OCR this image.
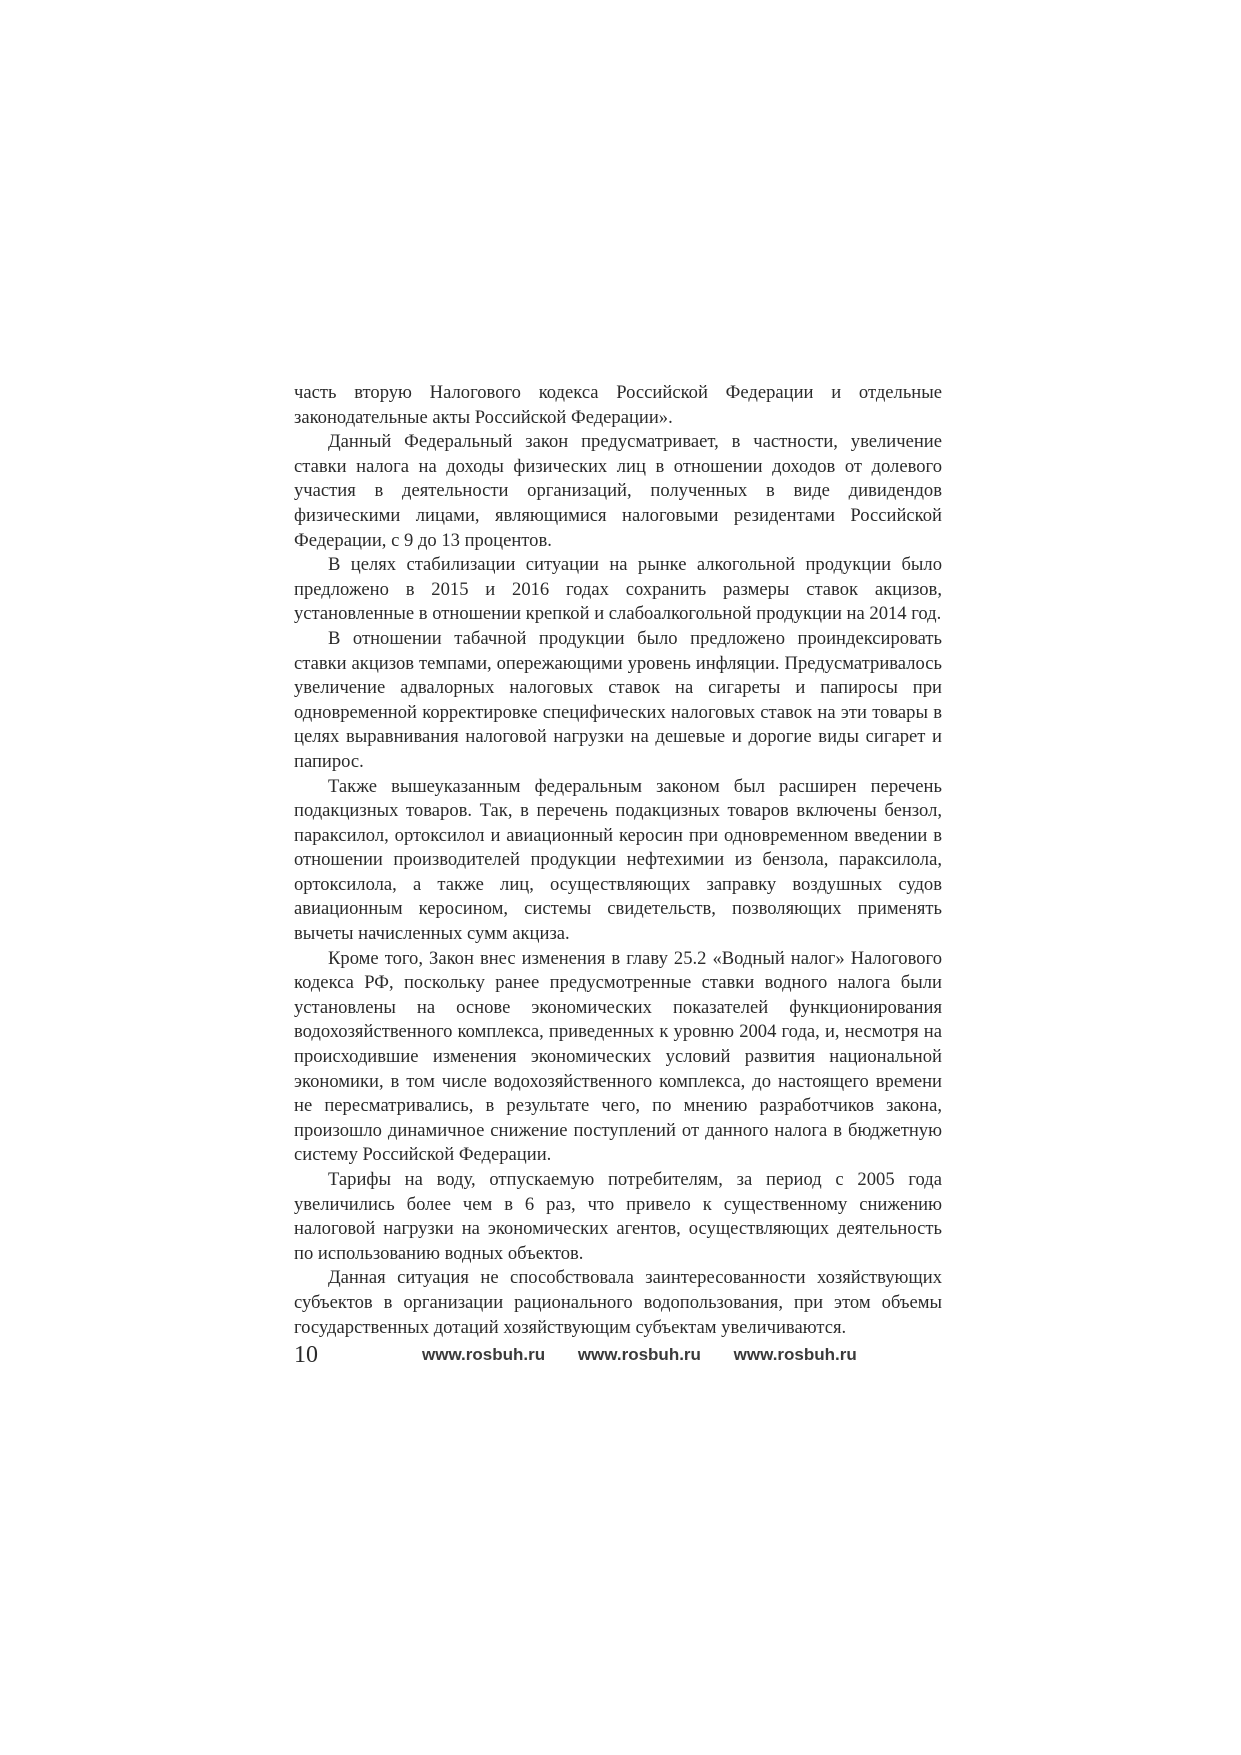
часть вторую Налогового кодекса Российской Федерации и отдельные законодательные акты Российской Федерации».

Данный Федеральный закон предусматривает, в частности, увеличение ставки налога на доходы физических лиц в отношении доходов от долевого участия в деятельности организаций, полученных в виде дивидендов физическими лицами, являющимися налоговыми резидентами Российской Федерации, с 9 до 13 процентов.

В целях стабилизации ситуации на рынке алкогольной продукции было предложено в 2015 и 2016 годах сохранить размеры ставок акцизов, установленные в отношении крепкой и слабоалкогольной продукции на 2014 год.

В отношении табачной продукции было предложено проиндексировать ставки акцизов темпами, опережающими уровень инфляции. Предусматривалось увеличение адвалорных налоговых ставок на сигареты и папиросы при одновременной корректировке специфических налоговых ставок на эти товары в целях выравнивания налоговой нагрузки на дешевые и дорогие виды сигарет и папирос.

Также вышеуказанным федеральным законом был расширен перечень подакцизных товаров. Так, в перечень подакцизных товаров включены бензол, параксилол, ортоксилол и авиационный керосин при одновременном введении в отношении производителей продукции нефтехимии из бензола, параксилола, ортоксилола, а также лиц, осуществляющих заправку воздушных судов авиационным керосином, системы свидетельств, позволяющих применять вычеты начисленных сумм акциза.

Кроме того, Закон внес изменения в главу 25.2 «Водный налог» Налогового кодекса РФ, поскольку ранее предусмотренные ставки водного налога были установлены на основе экономических показателей функционирования водохозяйственного комплекса, приведенных к уровню 2004 года, и, несмотря на происходившие изменения экономических условий развития национальной экономики, в том числе водохозяйственного комплекса, до настоящего времени не пересматривались, в результате чего, по мнению разработчиков закона, произошло динамичное снижение поступлений от данного налога в бюджетную систему Российской Федерации.

Тарифы на воду, отпускаемую потребителям, за период с 2005 года увеличились более чем в 6 раз, что привело к существенному снижению налоговой нагрузки на экономических агентов, осуществляющих деятельность по использованию водных объектов.

Данная ситуация не способствовала заинтересованности хозяйствующих субъектов в организации рационального водопользования, при этом объемы государственных дотаций хозяйствующим субъектам увеличиваются.

10	www.rosbuh.ru www.rosbuh.ru www.rosbuh.ru
